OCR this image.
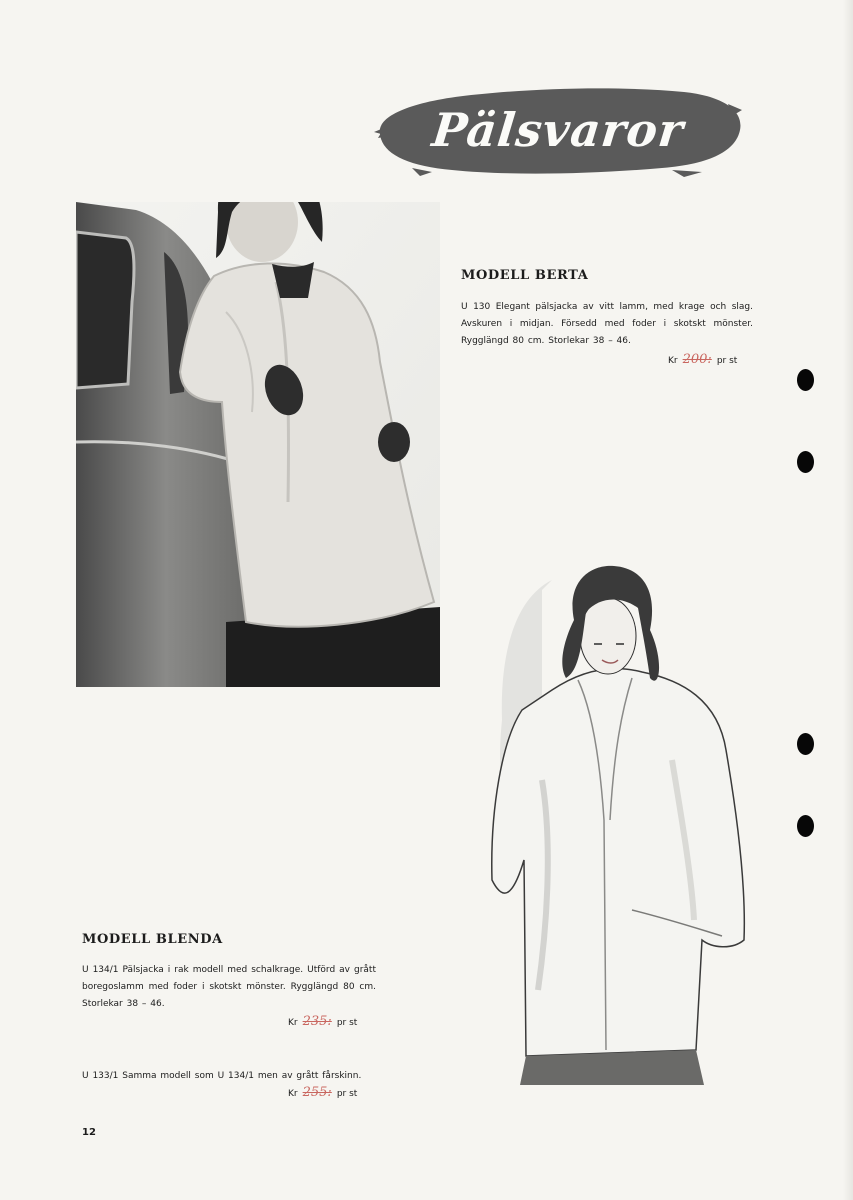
Pälsvaror
MODELL BERTA

U 130 Elegant pälsjacka av vitt lamm, med krage och slag. Avskuren i midjan. Försedd med foder i skotskt mönster. Rygglängd 80 cm. Storlekar 38 – 46.

Kr 200: pr st
MODELL BLENDA

U 134/1 Pälsjacka i rak modell med schalkrage. Utförd av grått boregoslamm med foder i skotskt mönster. Rygglängd 80 cm. Storlekar 38 – 46.

Kr 235: pr st

U 133/1 Samma modell som U 134/1 men av grått fårskinn.

Kr 255: pr st

12
